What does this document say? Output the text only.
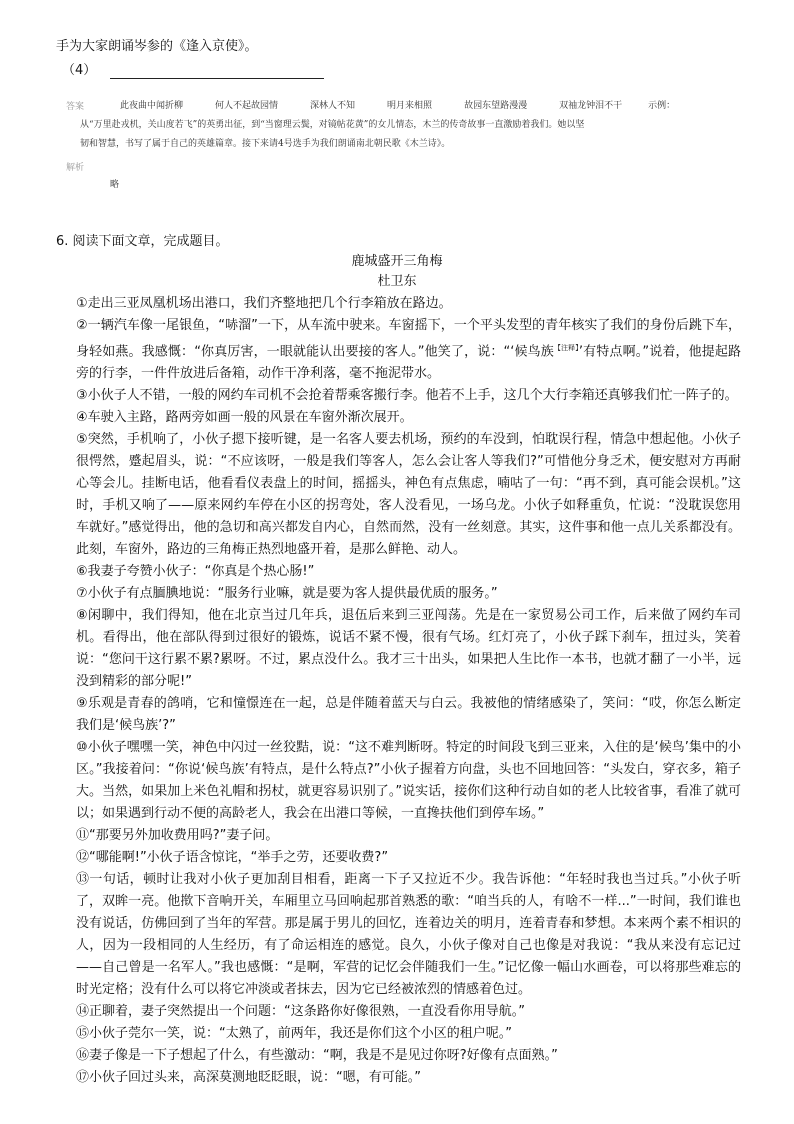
手为大家朗诵岑参的《逢入京使》。
（4）
答案	此夜曲中闻折柳	何人不起故园情	深林人不知	明月来相照	故园东望路漫漫	双袖龙钟泪不干	示例：
从“万里赴戎机，关山度若飞”的英勇出征，到“当窗理云鬓，对镜帖花黄”的女儿情态，木兰的传奇故事一直激励着我们。她以坚
韧和智慧，书写了属于自己的英雄篇章。接下来请4号选手为我们朗诵南北朝民歌《木兰诗》。
解析
略
6. 阅读下面文章，完成题目。
鹿城盛开三角梅
杜卫东

①走出三亚凤凰机场出港口，我们齐整地把几个行李箱放在路边。

②一辆汽车像一尾银鱼，“哧溜”一下，从车流中驶来。车窗摇下，一个平头发型的青年核实了我们的身份后跳下车，身轻如燕。我感慨：“你真厉害，一眼就能认出要接的客人。”他笑了，说：“‘候鸟族$^{【注释】}$’有特点啊。”说着，他提起路旁的行李，一件件放进后备箱，动作干净利落，毫不拖泥带水。

③小伙子人不错，一般的网约车司机不会抢着帮乘客搬行李。他若不上手，这几个大行李箱还真够我们忙一阵子的。

④车驶入主路，路两旁如画一般的风景在车窗外渐次展开。

⑤突然，手机响了，小伙子摁下接听键，是一名客人要去机场，预约的车没到，怕耽误行程，情急中想起他。小伙子很愕然，蹙起眉头，说：“不应该呀，一般是我们等客人，怎么会让客人等我们?”可惜他分身乏术，便安慰对方再耐心等会儿。挂断电话，他看看仪表盘上的时间，摇摇头，神色有点焦虑，喃咕了一句：“再不到，真可能会误机。”这时，手机又响了——原来网约车停在小区的拐弯处，客人没看见，一场乌龙。小伙子如释重负，忙说：“没耽误您用车就好。”感觉得出，他的急切和高兴都发自内心，自然而然，没有一丝刻意。其实，这件事和他一点儿关系都没有。此刻，车窗外，路边的三角梅正热烈地盛开着，是那么鲜艳、动人。

⑥我妻子夸赞小伙子：“你真是个热心肠!”

⑦小伙子有点腼腆地说：“服务行业嘛，就是要为客人提供最优质的服务。”

⑧闲聊中，我们得知，他在北京当过几年兵，退伍后来到三亚闯荡。先是在一家贸易公司工作，后来做了网约车司机。看得出，他在部队得到过很好的锻炼，说话不紧不慢，很有气场。红灯亮了，小伙子踩下刹车，扭过头，笑着说：“您问干这行累不累?累呀。不过，累点没什么。我才三十出头，如果把人生比作一本书，也就才翻了一小半，远没到精彩的部分呢!”

⑨乐观是青春的鸽哨，它和憧憬连在一起，总是伴随着蓝天与白云。我被他的情绪感染了，笑问：“哎，你怎么断定我们是‘候鸟族’?”

⑩小伙子嘿嘿一笑，神色中闪过一丝狡黠，说：“这不难判断呀。特定的时间段飞到三亚来，入住的是‘候鸟’集中的小区。”我接着问：“你说‘候鸟族’有特点，是什么特点?”小伙子握着方向盘，头也不回地回答：“头发白，穿衣多，箱子大。当然，如果加上米色礼帽和拐杖，就更容易识别了。”说实话，接你们这种行动自如的老人比较省事，看准了就可以；如果遇到行动不便的高龄老人，我会在出港口等候，一直搀扶他们到停车场。”

⑪“那要另外加收费用吗?”妻子问。

⑫“哪能啊!”小伙子语含惊诧，“举手之劳，还要收费?”

⑬一句话，顿时让我对小伙子更加刮目相看，距离一下子又拉近不少。我告诉他：“年轻时我也当过兵。”小伙子听了，双眸一亮。他揿下音响开关，车厢里立马回响起那首熟悉的歌：“咱当兵的人，有啥不一样...”一时间，我们谁也没有说话，仿佛回到了当年的军营。那是属于男儿的回忆，连着边关的明月，连着青春和梦想。本来两个素不相识的人，因为一段相同的人生经历，有了命运相连的感觉。良久，小伙子像对自己也像是对我说：“我从来没有忘记过——自己曾是一名军人。”我也感慨：“是啊，军营的记忆会伴随我们一生。”记忆像一幅山水画卷，可以将那些难忘的时光定格；没有什么可以将它冲淡或者抹去，因为它已经被浓烈的情感着色过。

⑭正聊着，妻子突然提出一个问题：“这条路你好像很熟，一直没看你用导航。”

⑮小伙子莞尔一笑，说：“太熟了，前两年，我还是你们这个小区的租户呢。”

⑯妻子像是一下子想起了什么，有些激动：“啊，我是不是见过你呀?好像有点面熟。”

⑰小伙子回过头来，高深莫测地眨眨眼，说：“嗯，有可能。”
